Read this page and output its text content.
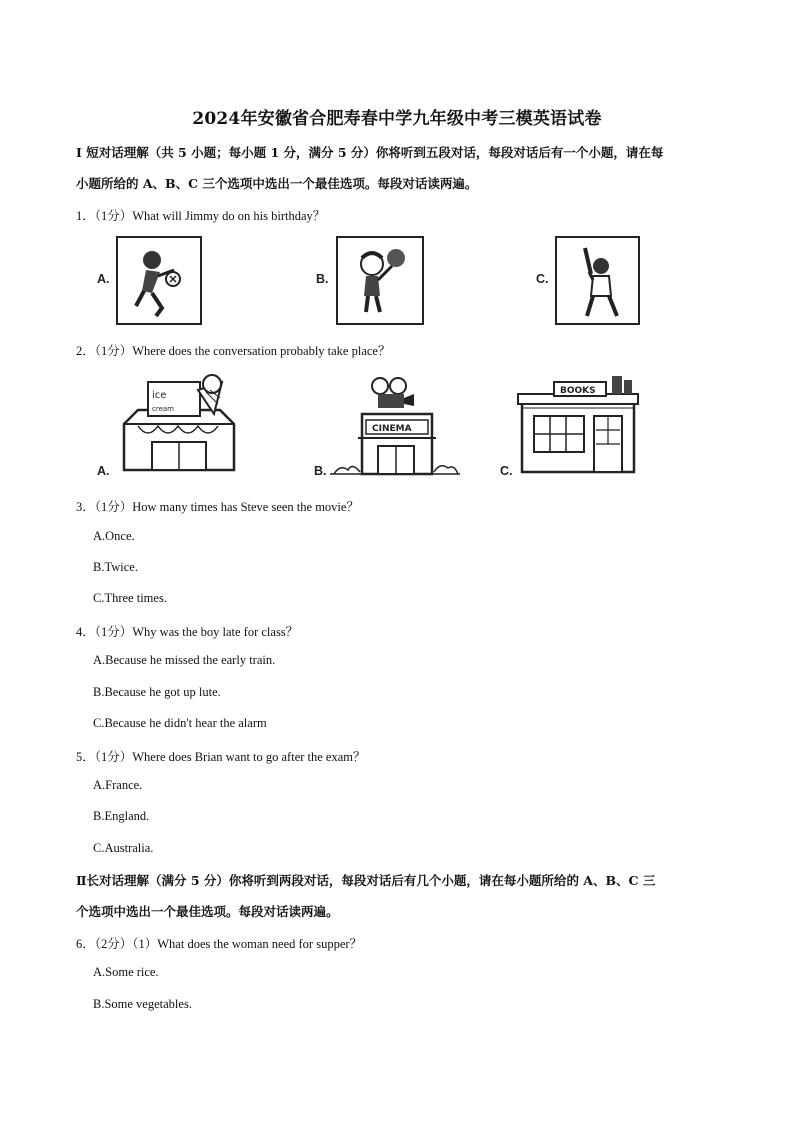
2024年安徽省合肥寿春中学九年级中考三模英语试卷
I 短对话理解（共 5 小题；每小题 1 分，满分 5 分）你将听到五段对话，每段对话后有一个小题，请在每
小题所给的 A、B、C 三个选项中选出一个最佳选项。每段对话读两遍。
1．（1分）What will Jimmy do on his birthday？
A.	B.	C.
2．（1分）Where does the conversation probably take place？
A.
ice
cream
B.
CINEMA
C.
BOOKS
3．（1分）How many times has Steve seen the movie？
A.Once.
B.Twice.
C.Three times.
4．（1分）Why was the boy late for class？
A.Because he missed the early train.
B.Because he got up lute.
C.Because he didn't hear the alarm
5．（1分）Where does Brian want to go after the exam？
A.France.
B.England.
C.Australia.
Ⅱ长对话理解（满分 5 分）你将听到两段对话，每段对话后有几个小题，请在每小题所给的 A、B、C 三
个选项中选出一个最佳选项。每段对话读两遍。
6．（2分）（1）What does the woman need for supper？
A.Some rice.
B.Some vegetables.
